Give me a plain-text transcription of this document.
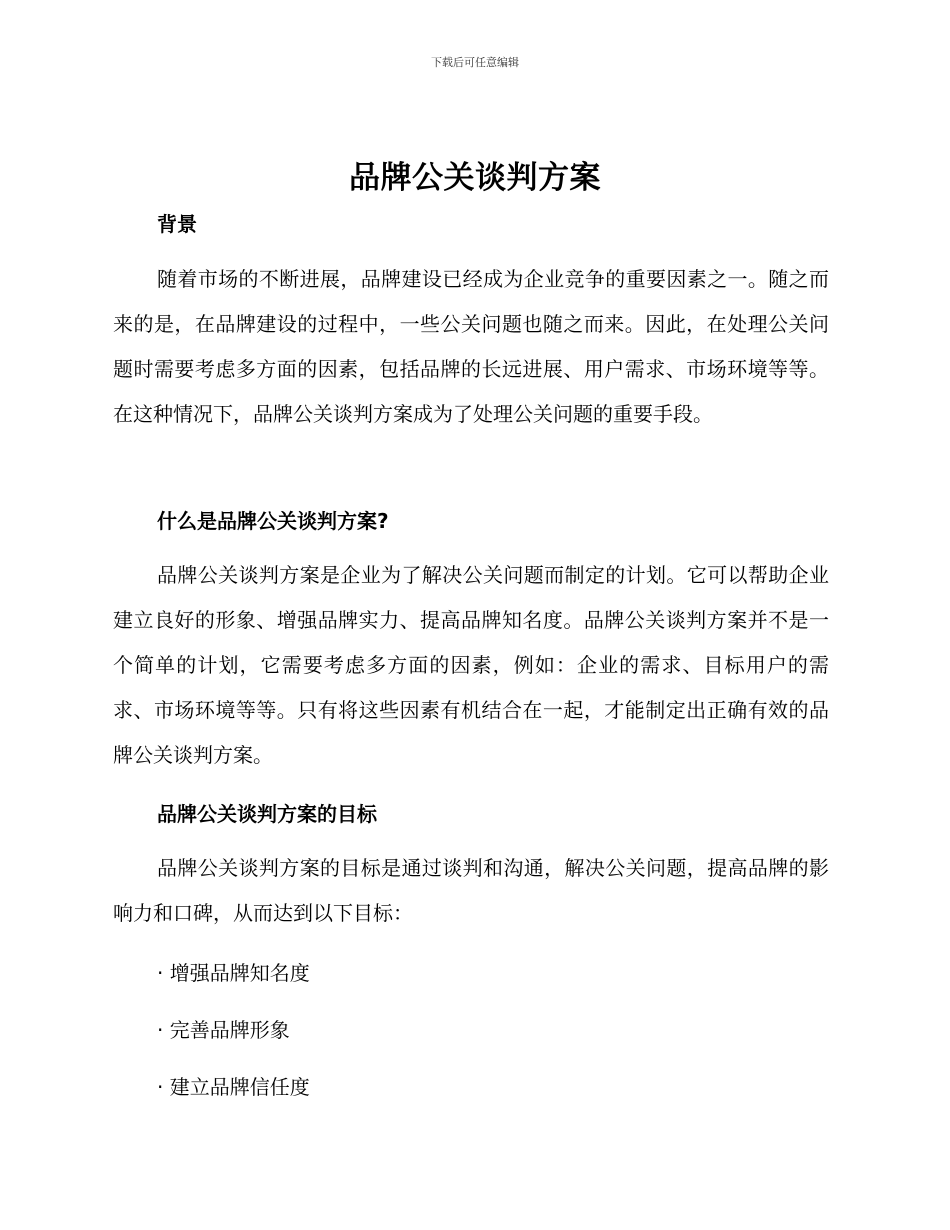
下载后可任意编辑
品牌公关谈判方案
背景

随着市场的不断进展，品牌建设已经成为企业竞争的重要因素之一。随之而来的是，在品牌建设的过程中，一些公关问题也随之而来。因此，在处理公关问题时需要考虑多方面的因素，包括品牌的长远进展、用户需求、市场环境等等。在这种情况下，品牌公关谈判方案成为了处理公关问题的重要手段。

什么是品牌公关谈判方案?

品牌公关谈判方案是企业为了解决公关问题而制定的计划。它可以帮助企业建立良好的形象、增强品牌实力、提高品牌知名度。品牌公关谈判方案并不是一个简单的计划，它需要考虑多方面的因素，例如：企业的需求、目标用户的需求、市场环境等等。只有将这些因素有机结合在一起，才能制定出正确有效的品牌公关谈判方案。

品牌公关谈判方案的目标

品牌公关谈判方案的目标是通过谈判和沟通，解决公关问题，提高品牌的影响力和口碑，从而达到以下目标：

· 增强品牌知名度
· 完善品牌形象
· 建立品牌信任度
